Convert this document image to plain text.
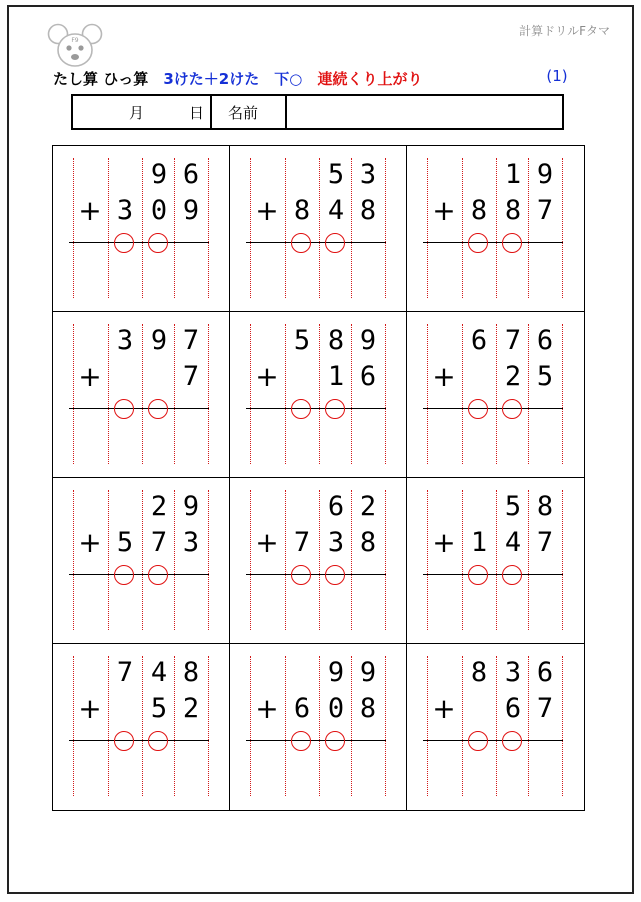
F9
計算ドリルFタマ
たし算 ひっ算 3けた＋2けた 下○ 連続くり上がり	(1)
月	日 名前
9 6
+ 3 0 9
5 3
+ 8 4 8
1 9
+ 8 8 7
3 9 7
+	7
5 8 9
+ 1 6
6 7 6
+ 2 5
2 9
+ 5 7 3
6 2
+ 7 3 8
5 8
+ 1 4 7
7 4 8
+ 5 2
9 9
+ 6 0 8
8 3 6
+ 6 7
